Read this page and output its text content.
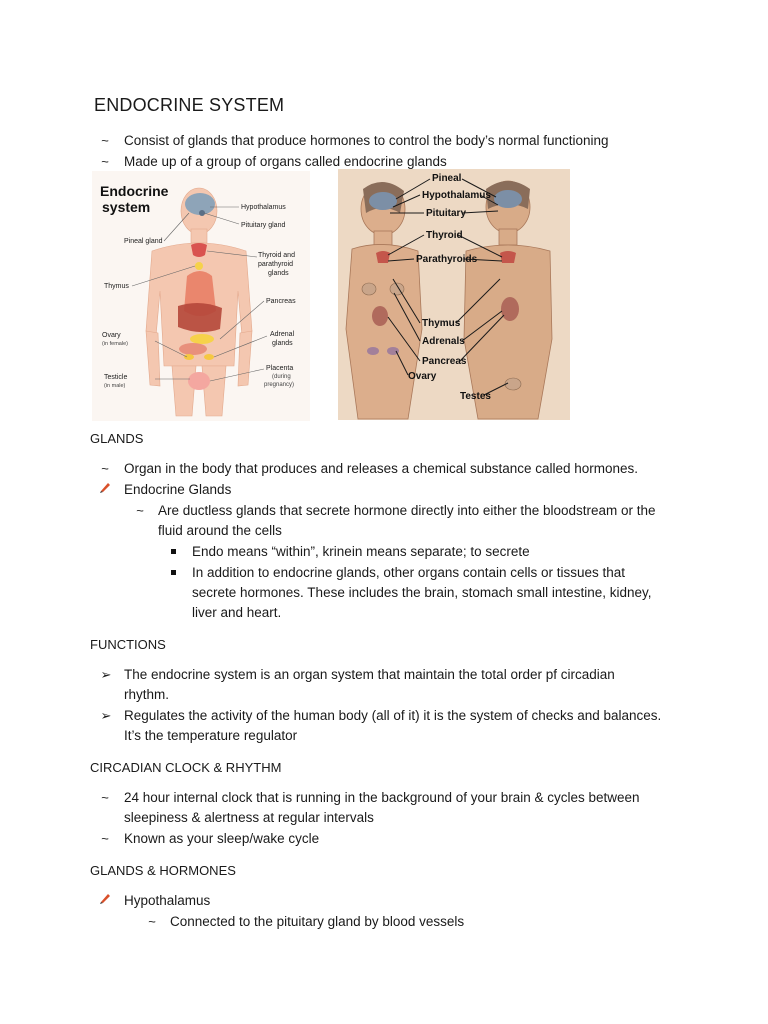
ENDOCRINE SYSTEM
~ Consist of glands that produce hormones to control the body’s normal functioning
~ Made up of a group of organs called endocrine glands
Endocrine
system	Hypothalamus
Pituitary gland
Pineal gland
Thyroid and
parathyroid
glands
Thymus
Pancreas
Ovary
(in female)
Adrenal
glands
Testicle
(in male)
Placenta
(during
pregnancy)
Pineal
Hypothalamus
Pituitary
Thyroid
Parathyroids
Thymus
Adrenals
Pancreas
Ovary
Testes
GLANDS
~ Organ in the body that produces and releases a chemical substance called hormones.
Endocrine Glands
~ Are ductless glands that secrete hormone directly into either the bloodstream or the
fluid around the cells
Endo means “within”, krinein means separate; to secrete
In addition to endocrine glands, other organs contain cells or tissues that
secrete hormones. These includes the brain, stomach small intestine, kidney,
liver and heart.
FUNCTIONS
➢ The endocrine system is an organ system that maintain the total order pf circadian
rhythm.
➢ Regulates the activity of the human body (all of it) it is the system of checks and balances.
It’s the temperature regulator
CIRCADIAN CLOCK & RHYTHM
~ 24 hour internal clock that is running in the background of your brain & cycles between
sleepiness & alertness at regular intervals
~ Known as your sleep/wake cycle
GLANDS & HORMONES
Hypothalamus
~ Connected to the pituitary gland by blood vessels
